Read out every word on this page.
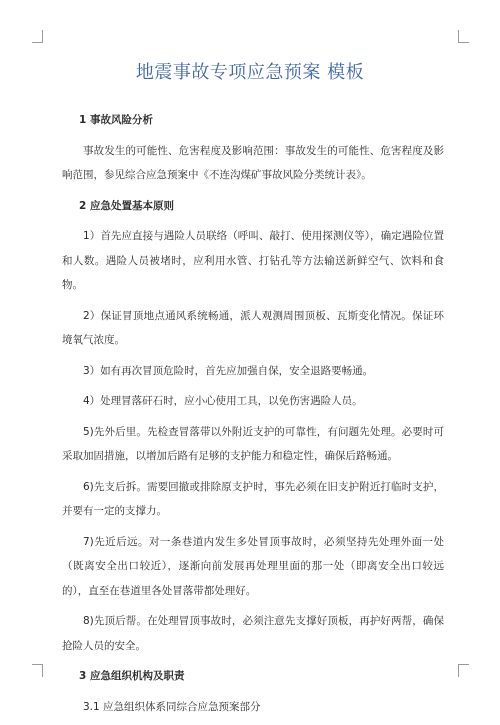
地震事故专项应急预案 模板

1 事故风险分析

事故发生的可能性、危害程度及影响范围：事故发生的可能性、危害程度及影响范围，参见综合应急预案中《不连沟煤矿事故风险分类统计表》。

2 应急处置基本原则

1）首先应直接与遇险人员联络（呼叫、敲打、使用探测仪等），确定遇险位置和人数。遇险人员被堵时，应利用水管、打钻孔等方法输送新鲜空气、饮料和食物。

2）保证冒顶地点通风系统畅通，派人观测周围顶板、瓦斯变化情况。保证环境氧气浓度。

3）如有再次冒顶危险时，首先应加强自保，安全退路要畅通。

4）处理冒落矸石时，应小心使用工具，以免伤害遇险人员。

5)先外后里。先检查冒落带以外附近支护的可靠性，有问题先处理。必要时可采取加固措施，以增加后路有足够的支护能力和稳定性，确保后路畅通。

6)先支后拆。需要回撤或排除原支护时，事先必须在旧支护附近打临时支护，并要有一定的支撑力。

7)先近后远。对一条巷道内发生多处冒顶事故时，必须坚持先处理外面一处（既离安全出口较近），逐渐向前发展再处理里面的那一处（即离安全出口较远的），直至在巷道里各处冒落带都处理好。

8)先顶后帮。在处理冒顶事故时，必须注意先支撑好顶板，再护好两帮，确保抢险人员的安全。

3 应急组织机构及职责

3.1 应急组织体系同综合应急预案部分
